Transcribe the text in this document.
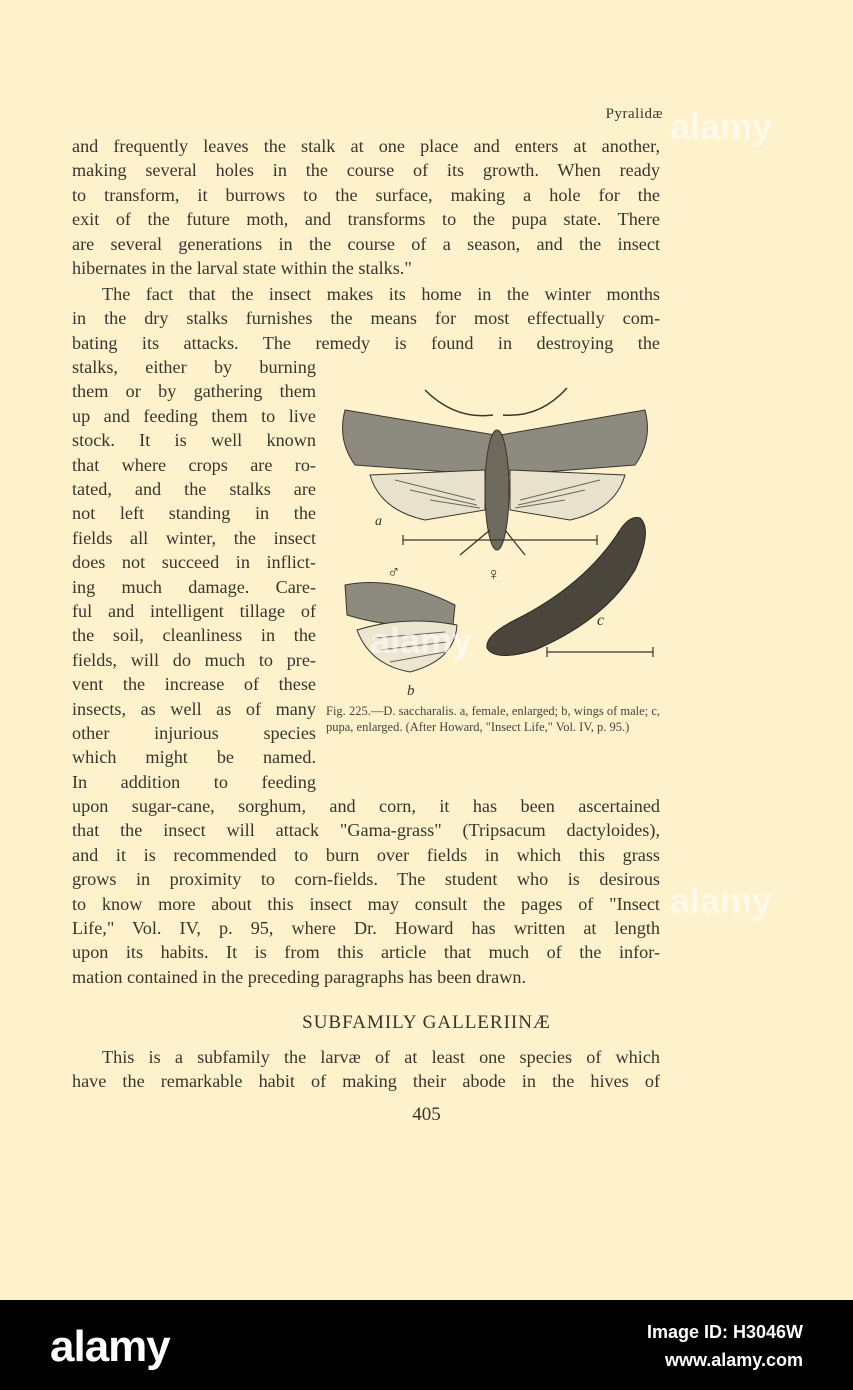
Pyralidæ
and frequently leaves the stalk at one place and enters at another,
making several holes in the course of its growth. When ready
to transform, it burrows to the surface, making a hole for the
exit of the future moth, and transforms to the pupa state. There
are several generations in the course of a season, and the insect
hibernates in the larval state within the stalks."
The fact that the insect makes its home in the winter months
in the dry stalks furnishes the means for most effectually com-
bating its attacks. The remedy is found in destroying the
stalks, either by burning
them or by gathering them
up and feeding them to live
stock. It is well known
that where crops are ro-
tated, and the stalks are
not left standing in the
fields all winter, the insect
does not succeed in inflict-
ing much damage. Care-
ful and intelligent tillage of
the soil, cleanliness in the
fields, will do much to pre-
vent the increase of these
insects, as well as of many
other injurious species
which might be named.
In addition to feeding
upon sugar-cane, sorghum, and corn, it has been ascertained
that the insect will attack "Gama-grass" (Tripsacum dactyloides),
and it is recommended to burn over fields in which this grass
grows in proximity to corn-fields. The student who is desirous
to know more about this insect may consult the pages of "Insect
Life," Vol. IV, p. 95, where Dr. Howard has written at length
upon its habits. It is from this article that much of the infor-
mation contained in the preceding paragraphs has been drawn.
a
♂	♀
b
c
Fig. 225.—D. saccharalis. a, female, enlarged; b, wings of male; c, pupa, enlarged. (After Howard, "Insect Life," Vol. IV, p. 95.)
SUBFAMILY GALLERIINÆ
This is a subfamily the larvæ of at least one species of which
have the remarkable habit of making their abode in the hives of
405
alamy
alamy
alamy
alamy	Image ID: H3046W
www.alamy.com
